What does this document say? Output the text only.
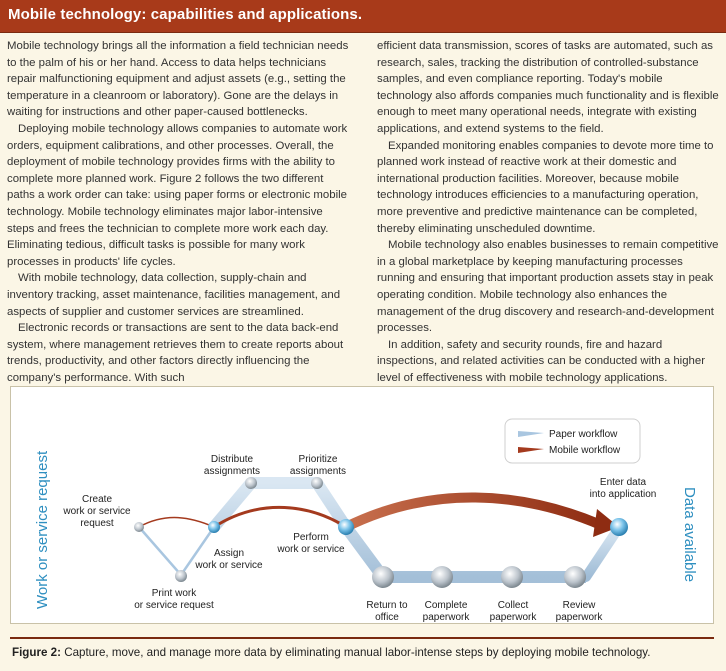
Mobile technology: capabilities and applications.

Mobile technology brings all the information a field technician needs to the palm of his or her hand. Access to data helps technicians repair malfunctioning equipment and adjust assets (e.g., setting the temperature in a cleanroom or laboratory). Gone are the delays in waiting for instructions and other paper-caused bottlenecks.

Deploying mobile technology allows companies to automate work orders, equipment calibrations, and other processes. Overall, the deployment of mobile technology provides firms with the ability to complete more planned work. Figure 2 follows the two different paths a work order can take: using paper forms or electronic mobile technology. Mobile technology eliminates major labor-intensive steps and frees the technician to complete more work each day. Eliminating tedious, difficult tasks is possible for many work processes in products' life cycles.

With mobile technology, data collection, supply-chain and inventory tracking, asset maintenance, facilities management, and aspects of supplier and customer services are streamlined.

Electronic records or transactions are sent to the data back-end system, where management retrieves them to create reports about trends, productivity, and other factors directly influencing the company's performance. With such

efficient data transmission, scores of tasks are automated, such as research, sales, tracking the distribution of controlled-substance samples, and even compliance reporting. Today's mobile technology also affords companies much functionality and is flexible enough to meet many operational needs, integrate with existing applications, and extend systems to the field.

Expanded monitoring enables companies to devote more time to planned work instead of reactive work at their domestic and international production facilities. Moreover, because mobile technology introduces efficiencies to a manufacturing operation, more preventive and predictive maintenance can be completed, thereby eliminating unscheduled downtime.

Mobile technology also enables businesses to remain competitive in a global marketplace by keeping manufacturing processes running and ensuring that important production assets stay in peak operating condition. Mobile technology also enhances the management of the drug discovery and research-and-development processes.

In addition, safety and security rounds, fire and hazard inspections, and related activities can be conducted with a higher level of effectiveness with mobile technology applications.

Work or service request	Data available
Create
work or service
request
Print work
or service request
Assign
work or service
Distribute
assignments
Prioritize
assignments
Perform
work or service
Return to
office
Complete
paperwork
Collect
paperwork
Review
paperwork
Enter data
into application
Paper workflow
Mobile workflow
Figure 2: Capture, move, and manage more data by eliminating manual labor-intense steps by deploying mobile technology.
